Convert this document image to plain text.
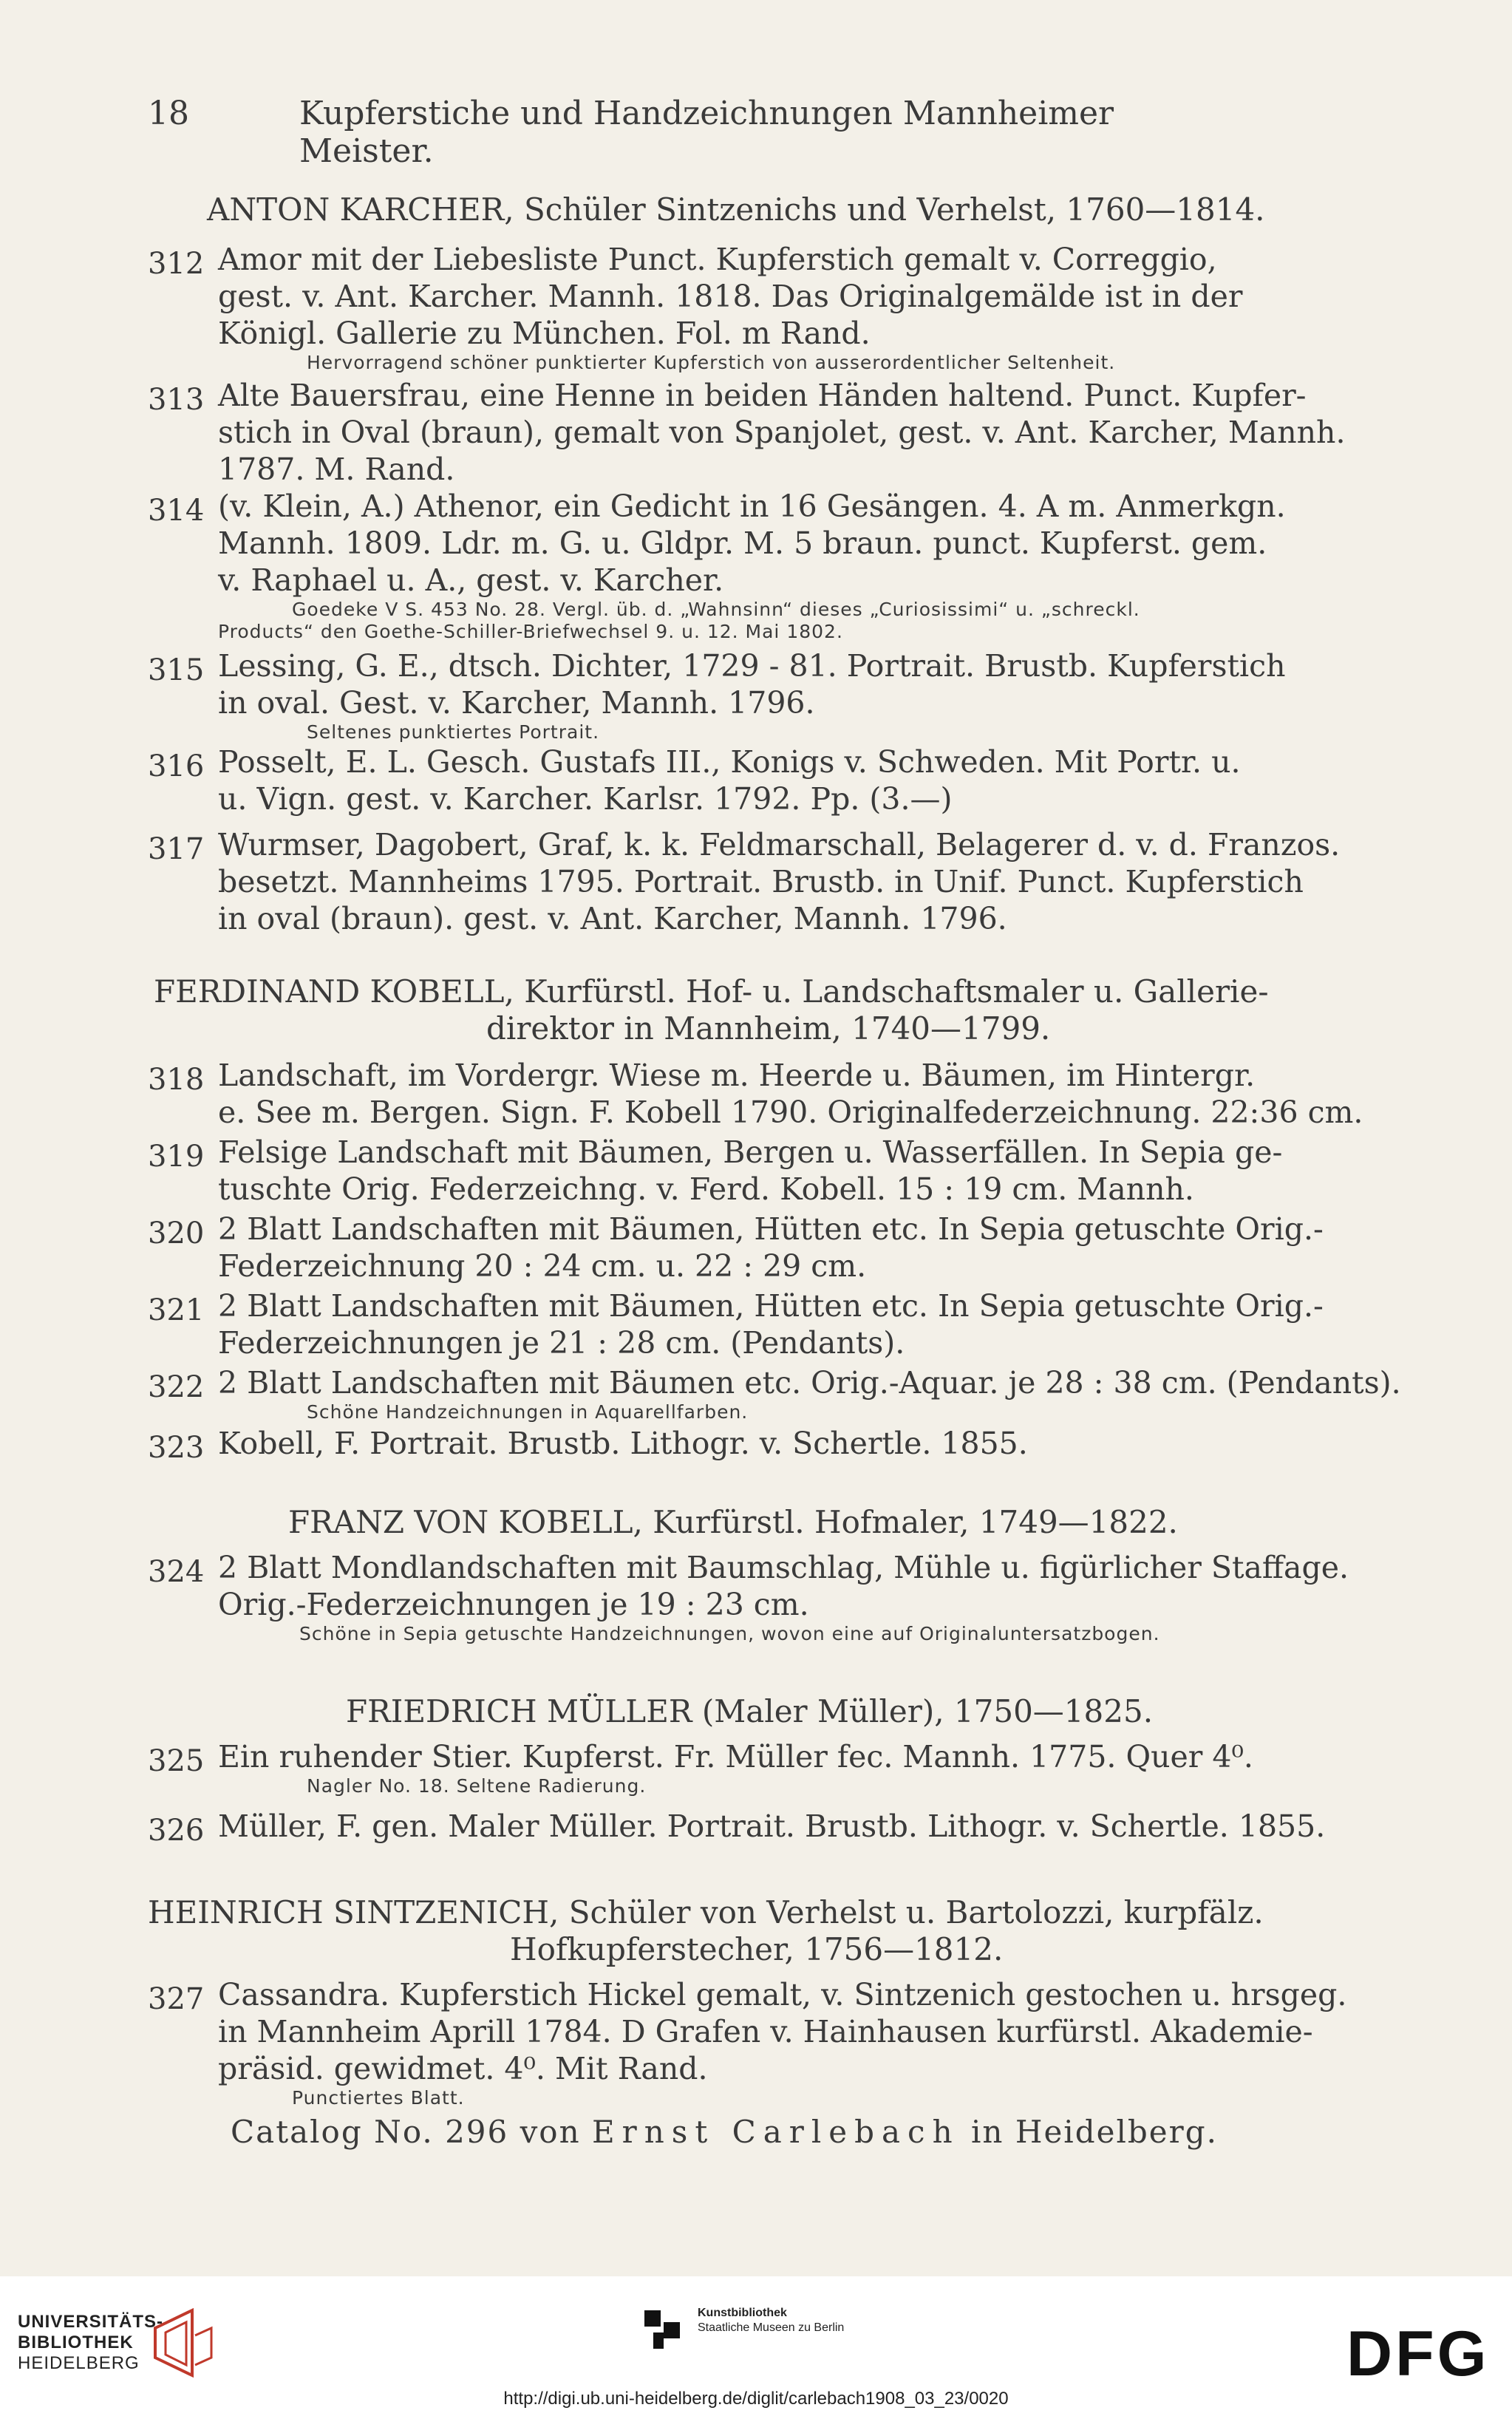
18	Kupferstiche und Handzeichnungen Mannheimer Meister.
ANTON KARCHER, Schüler Sintzenichs und Verhelst, 1760—1814.
312 Amor mit der Liebesliste Punct. Kupferstich gemalt v. Correggio,
gest. v. Ant. Karcher. Mannh. 1818. Das Originalgemälde ist in der
Königl. Gallerie zu München. Fol. m Rand.
Hervorragend schöner punktierter Kupferstich von ausserordentlicher Seltenheit.
313 Alte Bauersfrau, eine Henne in beiden Händen haltend. Punct. Kupfer-
stich in Oval (braun), gemalt von Spanjolet, gest. v. Ant. Karcher, Mannh.
1787. M. Rand.
314 (v. Klein, A.) Athenor, ein Gedicht in 16 Gesängen. 4. A m. Anmerkgn.
Mannh. 1809. Ldr. m. G. u. Gldpr. M. 5 braun. punct. Kupferst. gem.
v. Raphael u. A., gest. v. Karcher.
Goedeke V S. 453 No. 28. Vergl. üb. d. „Wahnsinn“ dieses „Curiosissimi“ u. „schreckl.
Products“ den Goethe-Schiller-Briefwechsel 9. u. 12. Mai 1802.
315 Lessing, G. E., dtsch. Dichter, 1729 - 81. Portrait. Brustb. Kupferstich
in oval. Gest. v. Karcher, Mannh. 1796.
Seltenes punktiertes Portrait.
316 Posselt, E. L. Gesch. Gustafs III., Konigs v. Schweden. Mit Portr. u.
u. Vign. gest. v. Karcher. Karlsr. 1792. Pp. (3.—)
317 Wurmser, Dagobert, Graf, k. k. Feldmarschall, Belagerer d. v. d. Franzos.
besetzt. Mannheims 1795. Portrait. Brustb. in Unif. Punct. Kupferstich
in oval (braun). gest. v. Ant. Karcher, Mannh. 1796.
FERDINAND KOBELL, Kurfürstl. Hof- u. Landschaftsmaler u. Gallerie-
direktor in Mannheim, 1740—1799.
318 Landschaft, im Vordergr. Wiese m. Heerde u. Bäumen, im Hintergr.
e. See m. Bergen. Sign. F. Kobell 1790. Originalfederzeichnung. 22:36 cm.
319 Felsige Landschaft mit Bäumen, Bergen u. Wasserfällen. In Sepia ge-
tuschte Orig. Federzeichng. v. Ferd. Kobell. 15 : 19 cm. Mannh.
320 2 Blatt Landschaften mit Bäumen, Hütten etc. In Sepia getuschte Orig.-
Federzeichnung 20 : 24 cm. u. 22 : 29 cm.
321 2 Blatt Landschaften mit Bäumen, Hütten etc. In Sepia getuschte Orig.-
Federzeichnungen je 21 : 28 cm. (Pendants).
322 2 Blatt Landschaften mit Bäumen etc. Orig.-Aquar. je 28 : 38 cm. (Pendants).
Schöne Handzeichnungen in Aquarellfarben.
323 Kobell, F. Portrait. Brustb. Lithogr. v. Schertle. 1855.
FRANZ VON KOBELL, Kurfürstl. Hofmaler, 1749—1822.
324 2 Blatt Mondlandschaften mit Baumschlag, Mühle u. figürlicher Staffage.
Orig.-Federzeichnungen je 19 : 23 cm.
Schöne in Sepia getuschte Handzeichnungen, wovon eine auf Originaluntersatzbogen.
FRIEDRICH MÜLLER (Maler Müller), 1750—1825.
325 Ein ruhender Stier. Kupferst. Fr. Müller fec. Mannh. 1775. Quer 4⁰.
Nagler No. 18. Seltene Radierung.
326 Müller, F. gen. Maler Müller. Portrait. Brustb. Lithogr. v. Schertle. 1855.
HEINRICH SINTZENICH, Schüler von Verhelst u. Bartolozzi, kurpfälz.
Hofkupferstecher, 1756—1812.
327 Cassandra. Kupferstich Hickel gemalt, v. Sintzenich gestochen u. hrsgeg.
in Mannheim Aprill 1784. D Grafen v. Hainhausen kurfürstl. Akademie-
präsid. gewidmet. 4⁰. Mit Rand.
Punctiertes Blatt.
Catalog No. 296 von Ernst Carlebach in Heidelberg.
UNIVERSITÄTS-
BIBLIOTHEK
HEIDELBERG
Kunstbibliothek
Staatliche Museen zu Berlin	DFG
http://digi.ub.uni-heidelberg.de/diglit/carlebach1908_03_23/0020
